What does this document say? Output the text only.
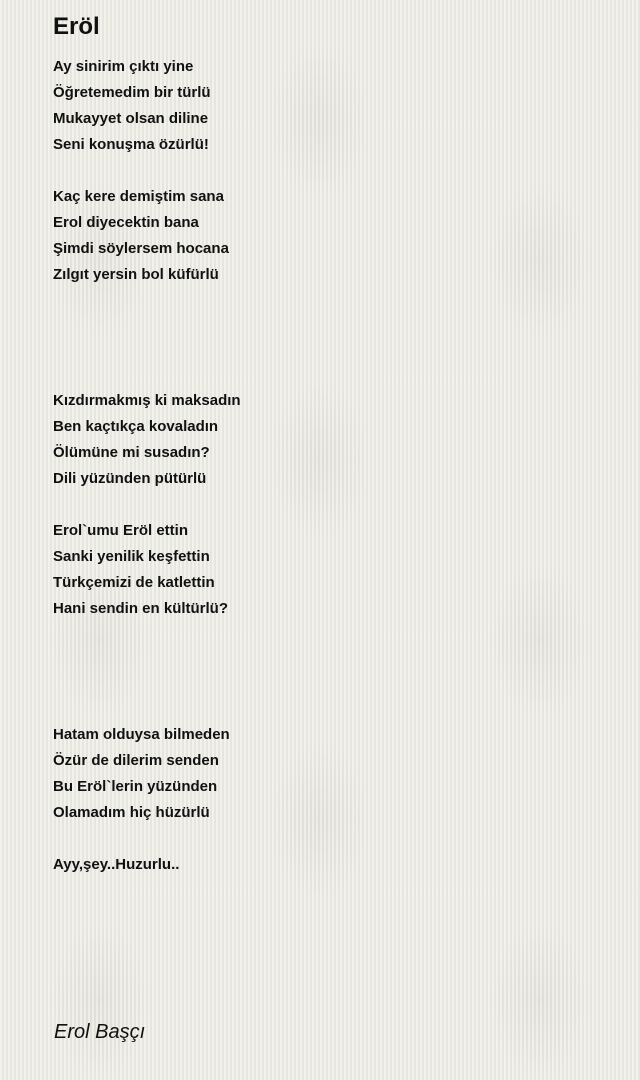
Eröl
Ay sinirim çıktı yine
Öğretemedim bir türlü
Mukayyet olsan diline
Seni konuşma özürlü!
Kaç kere demiştim sana
Erol diyecektin bana
Şimdi söylersem hocana
Zılgıt yersin bol küfürlü
Kızdırmakmış ki maksadın
Ben kaçtıkça kovaladın
Ölümüne mi susadın?
Dili yüzünden pütürlü
Erol`umu Eröl ettin
Sanki yenilik keşfettin
Türkçemizi de katlettin
Hani sendin en kültürlü?
Hatam olduysa bilmeden
Özür de dilerim senden
Bu Eröl`lerin yüzünden
Olamadım hiç hüzürlü
Ayy,şey..Huzurlu..
Erol Başçı
